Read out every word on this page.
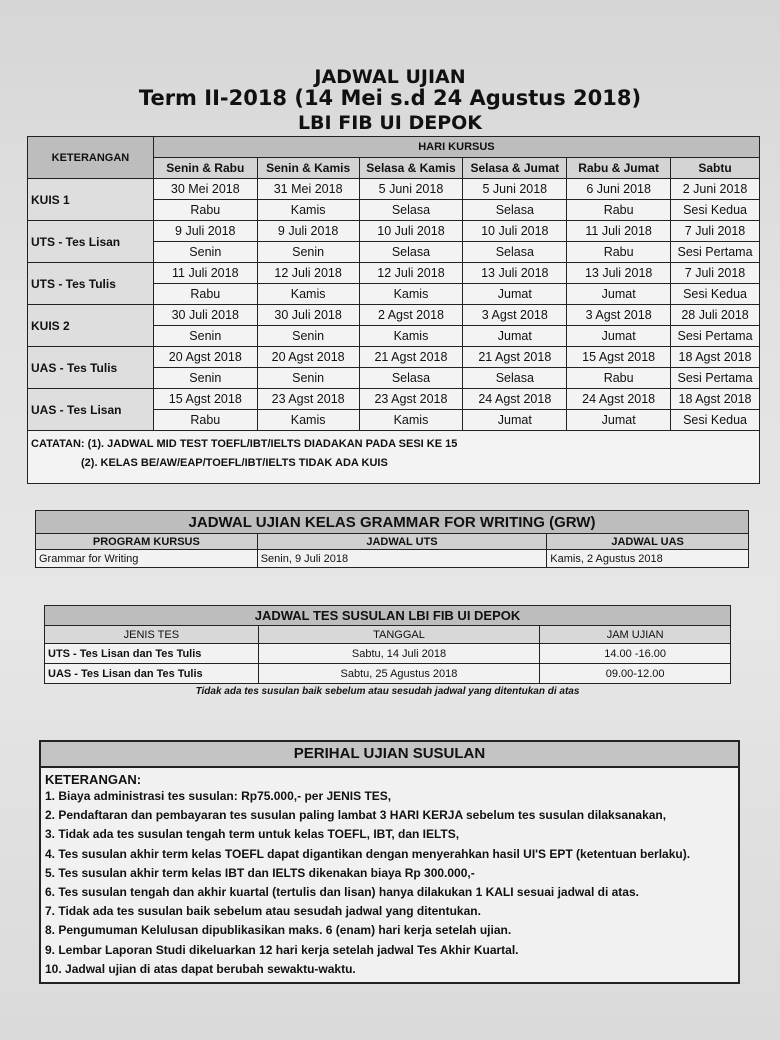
JADWAL UJIAN
Term II-2018 (14 Mei s.d 24 Agustus 2018)
LBI FIB UI DEPOK
KETERANGAN	HARI KURSUS					
	Senin & Rabu	Senin & Kamis	Selasa & Kamis	Selasa & Jumat	Rabu & Jumat	Sabtu
KUIS 1	30 Mei 2018	31 Mei 2018	5 Juni 2018	5 Juni 2018	6 Juni 2018	2 Juni 2018
	Rabu	Kamis	Selasa	Selasa	Rabu	Sesi Kedua
UTS - Tes Lisan	9 Juli 2018	9 Juli 2018	10 Juli 2018	10 Juli 2018	11 Juli 2018	7 Juli 2018
	Senin	Senin	Selasa	Selasa	Rabu	Sesi Pertama
UTS - Tes Tulis	11 Juli 2018	12 Juli 2018	12 Juli 2018	13 Juli 2018	13 Juli 2018	7 Juli 2018
	Rabu	Kamis	Kamis	Jumat	Jumat	Sesi Kedua
KUIS 2	30 Juli 2018	30 Juli 2018	2 Agst 2018	3 Agst 2018	3 Agst 2018	28 Juli 2018
	Senin	Senin	Kamis	Jumat	Jumat	Sesi Pertama
UAS - Tes Tulis	20 Agst 2018	20 Agst 2018	21 Agst 2018	21 Agst 2018	15 Agst 2018	18 Agst 2018
	Senin	Senin	Selasa	Selasa	Rabu	Sesi Pertama
UAS - Tes Lisan	15 Agst 2018	23 Agst 2018	23 Agst 2018	24 Agst 2018	24 Agst 2018	18 Agst 2018
	Rabu	Kamis	Kamis	Jumat	Jumat	Sesi Kedua
CATATAN: (1). JADWAL MID TEST TOEFL/IBT/IELTS DIADAKAN PADA SESI KE 15
(2). KELAS BE/AW/EAP/TOEFL/IBT/IELTS TIDAK ADA KUIS						
JADWAL UJIAN KELAS GRAMMAR FOR WRITING (GRW)		
PROGRAM KURSUS	JADWAL UTS	JADWAL UAS
Grammar for Writing	Senin, 9 Juli 2018	Kamis, 2 Agustus 2018
JADWAL TES SUSULAN LBI FIB UI DEPOK		
JENIS TES	TANGGAL	JAM UJIAN
UTS - Tes Lisan dan Tes Tulis	Sabtu, 14 Juli 2018	14.00 -16.00
UAS - Tes Lisan dan Tes Tulis	Sabtu, 25 Agustus 2018	09.00-12.00
Tidak ada tes susulan baik sebelum atau sesudah jadwal yang ditentukan di atas
PERIHAL UJIAN SUSULAN
KETERANGAN:
1. Biaya administrasi tes susulan: Rp75.000,- per JENIS TES,
2. Pendaftaran dan pembayaran tes susulan paling lambat 3 HARI KERJA sebelum tes susulan dilaksanakan,
3. Tidak ada tes susulan tengah term untuk kelas TOEFL, IBT, dan IELTS,
4. Tes susulan akhir term kelas TOEFL dapat digantikan dengan menyerahkan hasil UI'S EPT (ketentuan berlaku).
5. Tes susulan akhir term kelas IBT dan IELTS dikenakan biaya Rp 300.000,-
6. Tes susulan tengah dan akhir kuartal (tertulis dan lisan) hanya dilakukan 1 KALI sesuai jadwal di atas.
7. Tidak ada tes susulan baik sebelum atau sesudah jadwal yang ditentukan.
8. Pengumuman Kelulusan dipublikasikan maks. 6 (enam) hari kerja setelah ujian.
9. Lembar Laporan Studi dikeluarkan 12 hari kerja setelah jadwal Tes Akhir Kuartal.
10. Jadwal ujian di atas dapat berubah sewaktu-waktu.
